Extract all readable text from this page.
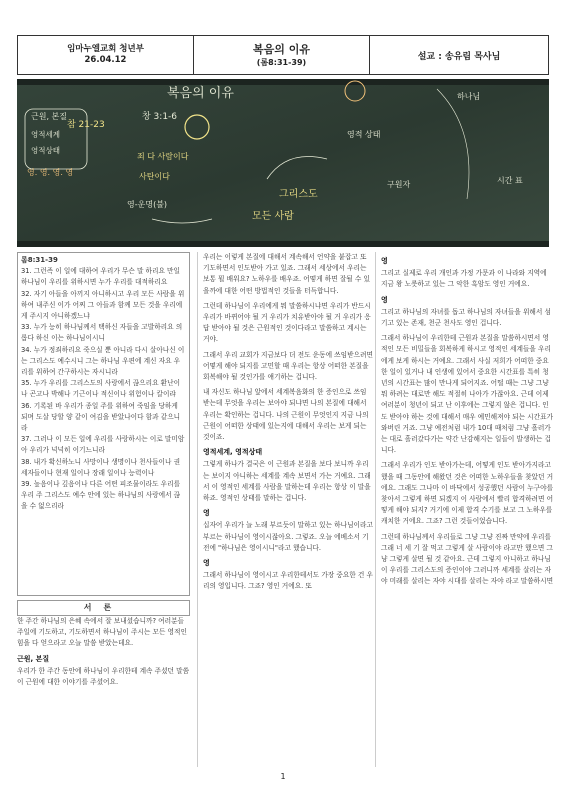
임마누엘교회 청년부
26.04.12
복음의 이유
(롬8:31-39)
설교 : 송유림 목사님
복음의 이유
참 21-23
창 3:1-6
영적 상태
근원, 본질
영적세계
영적상태
영. 영. 영. 영
죄 다 사람이다
사탄이다
영-운명(불)
모든 사람
그리스도
구원자
하나님
시간 표
롬8:31-39

31. 그런즉 이 일에 대하여 우리가 무슨 말 하리요 만일 하나님이 우리를 위하시면 누가 우리를 대적하리요

32. 자기 아들을 아끼지 아니하시고 우리 모든 사람을 위하여 내주신 이가 어찌 그 아들과 함께 모든 것을 우리에게 주시지 아니하겠느냐

33. 누가 능히 하나님께서 택하신 자들을 고발하리요 의롭다 하신 이는 하나님이시니

34. 누가 정죄하리요 죽으실 뿐 아니라 다시 살아나신 이는 그리스도 예수시니 그는 하나님 우편에 계신 자요 우리를 위하여 간구하시는 자시니라

35. 누가 우리를 그리스도의 사랑에서 끊으리요 환난이나 곤고나 박해나 기근이나 적신이나 위험이나 칼이랴

36. 기록된 바 우리가 종일 주를 위하여 죽임을 당하게 되며 도살 당할 양 같이 여김을 받았나이다 함과 같으니라

37. 그러나 이 모든 일에 우리를 사랑하시는 이로 말미암아 우리가 넉넉히 이기느니라

38. 내가 확신하노니 사망이나 생명이나 천사들이나 권세자들이나 현재 일이나 장래 일이나 능력이나

39. 높음이나 깊음이나 다른 어떤 피조물이라도 우리를 우리 주 그리스도 예수 안에 있는 하나님의 사랑에서 끊을 수 없으리라

서론

한 주간 하나님의 은혜 속에서 잘 보내셨습니까? 여러분들 주일에 기도하고, 기도하면서 하나님이 주시는 모든 영적인 힘을 다 얻으라고 오늘 말씀 받았는데요.

근원, 본질

우리가 한 주간 동안에 하나님이 우리한테 계속 주셨던 말씀이 근원에 대한 이야기를 주셨어요.

우리는 이렇게 본질에 대해서 계속해서 언약을 붙잡고 또 기도하면서 인도받아 가고 있죠. 그래서 세상에서 우리는 보통 뭘 배워요? 노하우를 배우죠. 어떻게 하면 잘될 수 있을까에 대한 어떤 방법적인 것들을 터득합니다.

그런데 하나님이 우리에게 뭐 말씀하시냐면 우리가 반드시 우리가 바뀌어야 될 거 우리가 치유받아야 될 거 우리가 응답 받아야 될 것은 근원적인 것이다라고 말씀하고 계시는 거야.

그래서 우리 교회가 지금보다 더 전도 운동에 쓰임받으려면 어떻게 해야 되지를 고민할 때 우리는 항상 어떠한 본질을 회복해야 될 것인가를 얘기하는 겁니다.

내 자신도 하나님 앞에서 세계복음화의 한 증인으로 쓰임 받는데 무엇을 우리는 보아야 되냐면 나의 본질에 대해서 우리는 확인하는 겁니다. 나의 근원이 무엇인지 지금 나의 근원이 어떠한 상태에 있는지에 대해서 우리는 보게 되는 것이죠.

영적세계, 영적상태

그렇게 하나가 결국은 이 근원과 본질을 보다 보니까 우리는 보이지 아니하는 세계를 계속 보면서 가는 거예요. 그래서 이 영적인 세계를 사람을 말하는데 우리는 항상 이 말을 하죠. 영적인 상태를 말하는 겁니다.

영

십자어 우리가 늘 노래 부르듯이 말하고 있는 하나님이라고 부르는 하나님이 영이시잖아요. 그렇죠. 오늘 에베소서 기 전에 "하나님은 영이시니"라고 했습니다.

영

그래서 하나님이 영이시고 우리한테서도 가장 중요한 건 우리의 영입니다. 그죠? 영인 거에요. 또

영

그리고 실제로 우리 개인과 가정 가문과 이 나라와 지역에 지금 왕 노릇하고 있는 그 악한 흑암도 영인 거에요.

영

그리고 하나님의 자녀를 돕고 하나님의 자녀들을 위해서 섬기고 있는 존재, 천군 천사도 영인 겁니다.

그래서 하나님이 우리한테 근원과 본질을 말씀하시면서 영적인 모든 비밀들을 회복하게 하시고 영적인 세계들을 우리에게 보게 하시는 거예요. 그래서 사실 저희가 어떠한 중요한 일이 있거나 내 인생에 있어서 중요한 시간표를 특히 청년의 시간표는 많이 만나게 되어지죠. 어떨 때는 그냥 그냥 뭐 하려는 대로만 해도 적절히 나아가 가잖아요. 근데 이제 여러분이 청년이 되고 난 이후에는 그렇지 않은 겁니다. 인도 받아야 하는 것에 대해서 매우 예민해져야 되는 시간표가 와버린 거죠. 그냥 예전처럼 내가 10대 때처럼 그냥 흘러가는 대로 흘러갔다가는 약간 난감해지는 일들이 발생하는 겁니다.

그래서 우리가 인도 받아가는데, 어떻게 인도 받아가지라고 했을 때 그동안에 해왔던 것은 어떠한 노하우들을 찾았던 거에요. 그래도 그나마 이 바닥에서 성공했던 사람이 누구야를 찾아서 그렇게 하면 되겠지 이 사람에서 빨리 합격하려면 어떻게 해야 되지? 거기에 이제 합격 수기를 보고 그 노하우를 캐치한 거에요. 그죠? 그런 것들이었습니다.

그런데 하나님께서 우리들로 그냥 그냥 진짜 만약에 우리를 그래 너 세 기 잘 먹고 그렇게 살 사람이야 라고만 했으면 그냥 그렇게 살면 될 것 같아요. 근데 그렇지 아니하고 하나님이 우리를 그리스도의 증인이야 그러니까 세계를 살리는 자야 미래를 살리는 자야 시대를 살리는 자야 라고 말씀하시면

1
